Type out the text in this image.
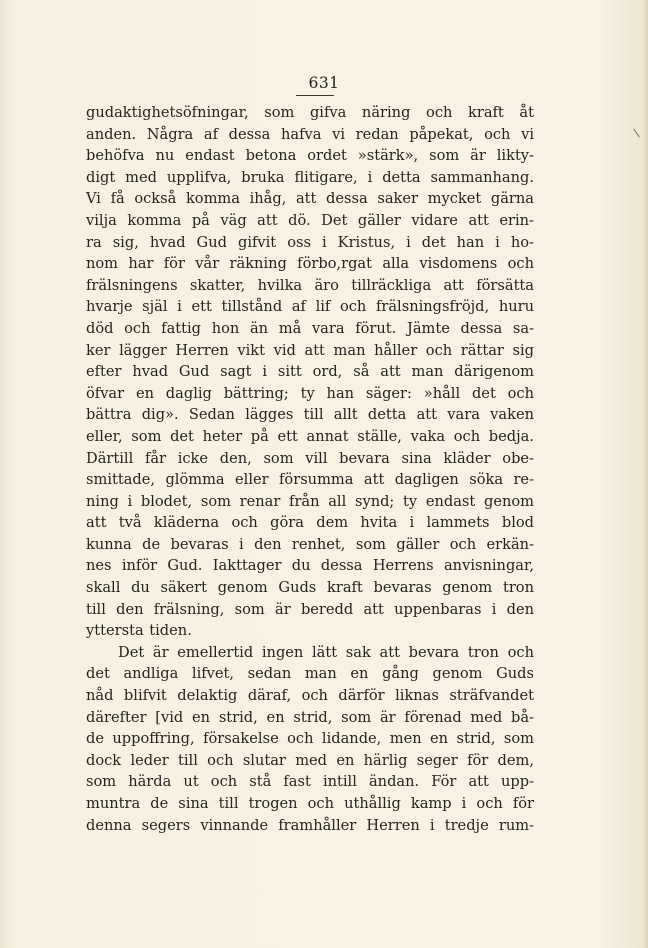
631
gudaktighetsöfningar, som gifva näring och kraft åt
anden. Några af dessa hafva vi redan påpekat, och vi
behöfva nu endast betona ordet »stärk», som är likty-
digt med upplifva, bruka flitigare, i detta sammanhang.
Vi få också komma ihåg, att dessa saker mycket gärna
vilja komma på väg att dö. Det gäller vidare att erin-
ra sig, hvad Gud gifvit oss i Kristus, i det han i ho-
nom har för vår räkning förbo,rgat alla visdomens och
frälsningens skatter, hvilka äro tillräckliga att försätta
hvarje själ i ett tillstånd af lif och frälsningsfröjd, huru
död och fattig hon än må vara förut. Jämte dessa sa-
ker lägger Herren vikt vid att man håller och rättar sig
efter hvad Gud sagt i sitt ord, så att man därigenom
öfvar en daglig bättring; ty han säger: »håll det och
bättra dig». Sedan lägges till allt detta att vara vaken
eller, som det heter på ett annat ställe, vaka och bedja.
Därtill får icke den, som vill bevara sina kläder obe-
smittade, glömma eller försumma att dagligen söka re-
ning i blodet, som renar från all synd; ty endast genom
att två kläderna och göra dem hvita i lammets blod
kunna de bevaras i den renhet, som gäller och erkän-
nes inför Gud. Iakttager du dessa Herrens anvisningar,
skall du säkert genom Guds kraft bevaras genom tron
till den frälsning, som är beredd att uppenbaras i den
yttersta tiden.
Det är emellertid ingen lätt sak att bevara tron och
det andliga lifvet, sedan man en gång genom Guds
nåd blifvit delaktig däraf, och därför liknas sträfvandet
därefter [vid en strid, en strid, som är förenad med bå-
de uppoffring, försakelse och lidande, men en strid, som
dock leder till och slutar med en härlig seger för dem,
som härda ut och stå fast intill ändan. För att upp-
muntra de sina till trogen och uthållig kamp i och för
denna segers vinnande framhåller Herren i tredje rum-
